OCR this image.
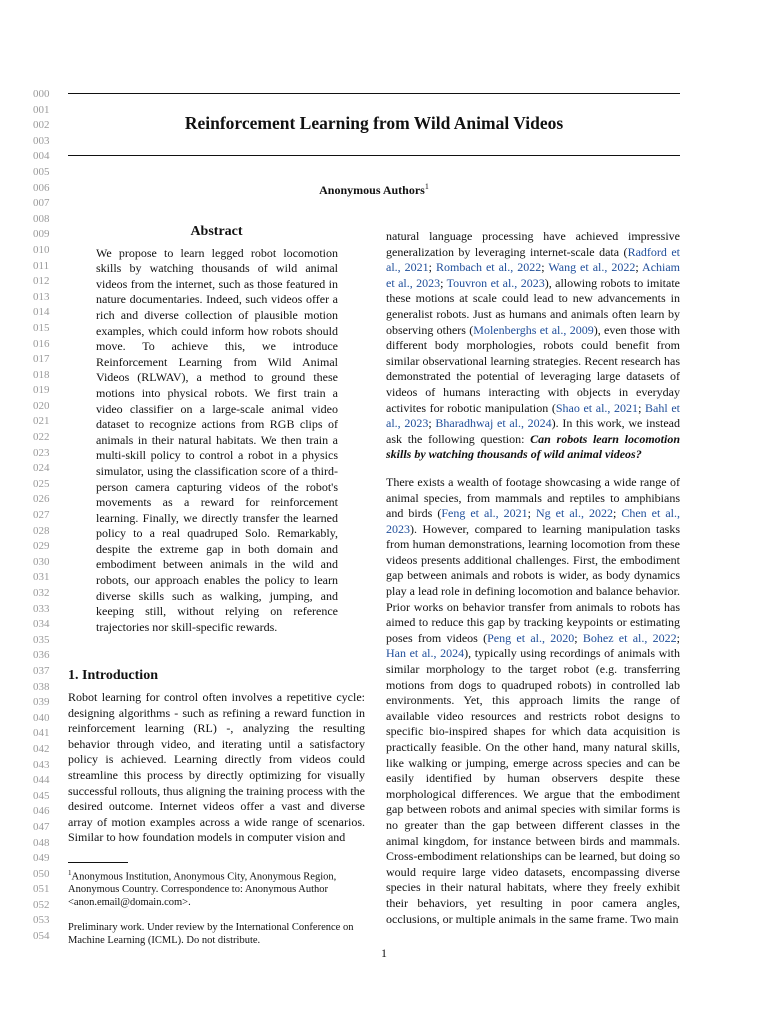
000
001
002
003
004
005
006
007
008
009
010
011
012
013
014
015
016
017
018
019
020
021
022
023
024
025
026
027
028
029
030
031
032
033
034
035
036
037
038
039
040
041
042
043
044
045
046
047
048
049
050
051
052
053
054
Reinforcement Learning from Wild Animal Videos
Anonymous Authors$^1$
Abstract

We propose to learn legged robot locomotion skills by watching thousands of wild animal videos from the internet, such as those featured in nature documentaries. Indeed, such videos offer a rich and diverse collection of plausible motion examples, which could inform how robots should move. To achieve this, we introduce Reinforcement Learning from Wild Animal Videos (RLWAV), a method to ground these motions into physical robots. We first train a video classifier on a large-scale animal video dataset to recognize actions from RGB clips of animals in their natural habitats. We then train a multi-skill policy to control a robot in a physics simulator, using the classification score of a third-person camera capturing videos of the robot's movements as a reward for reinforcement learning. Finally, we directly transfer the learned policy to a real quadruped Solo. Remarkably, despite the extreme gap in both domain and embodiment between animals in the wild and robots, our approach enables the policy to learn diverse skills such as walking, jumping, and keeping still, without relying on reference trajectories nor skill-specific rewards.

1. Introduction

Robot learning for control often involves a repetitive cycle: designing algorithms - such as refining a reward function in reinforcement learning (RL) -, analyzing the resulting behavior through video, and iterating until a satisfactory policy is achieved. Learning directly from videos could streamline this process by directly optimizing for visually successful rollouts, thus aligning the training process with the desired outcome. Internet videos offer a vast and diverse array of motion examples across a wide range of scenarios. Similar to how foundation models in computer vision and

$^1$Anonymous Institution, Anonymous City, Anonymous Region, Anonymous Country. Correspondence to: Anonymous Author <anon.email@domain.com>.
Preliminary work. Under review by the International Conference on Machine Learning (ICML). Do not distribute.

natural language processing have achieved impressive generalization by leveraging internet-scale data (Radford et al., 2021; Rombach et al., 2022; Wang et al., 2022; Achiam et al., 2023; Touvron et al., 2023), allowing robots to imitate these motions at scale could lead to new advancements in generalist robots. Just as humans and animals often learn by observing others (Molenberghs et al., 2009), even those with different body morphologies, robots could benefit from similar observational learning strategies. Recent research has demonstrated the potential of leveraging large datasets of videos of humans interacting with objects in everyday activites for robotic manipulation (Shao et al., 2021; Bahl et al., 2023; Bharadhwaj et al., 2024). In this work, we instead ask the following question: Can robots learn locomotion skills by watching thousands of wild animal videos?

There exists a wealth of footage showcasing a wide range of animal species, from mammals and reptiles to amphibians and birds (Feng et al., 2021; Ng et al., 2022; Chen et al., 2023). However, compared to learning manipulation tasks from human demonstrations, learning locomotion from these videos presents additional challenges. First, the embodiment gap between animals and robots is wider, as body dynamics play a lead role in defining locomotion and balance behavior. Prior works on behavior transfer from animals to robots has aimed to reduce this gap by tracking keypoints or estimating poses from videos (Peng et al., 2020; Bohez et al., 2022; Han et al., 2024), typically using recordings of animals with similar morphology to the target robot (e.g. transferring motions from dogs to quadruped robots) in controlled lab environments. Yet, this approach limits the range of available video resources and restricts robot designs to specific bio-inspired shapes for which data acquisition is practically feasible. On the other hand, many natural skills, like walking or jumping, emerge across species and can be easily identified by human observers despite these morphological differences. We argue that the embodiment gap between robots and animal species with similar forms is no greater than the gap between different classes in the animal kingdom, for instance between birds and mammals. Cross-embodiment relationships can be learned, but doing so would require large video datasets, encompassing diverse species in their natural habitats, where they freely exhibit their behaviors, yet resulting in poor camera angles, occlusions, or multiple animals in the same frame. Two main

1
